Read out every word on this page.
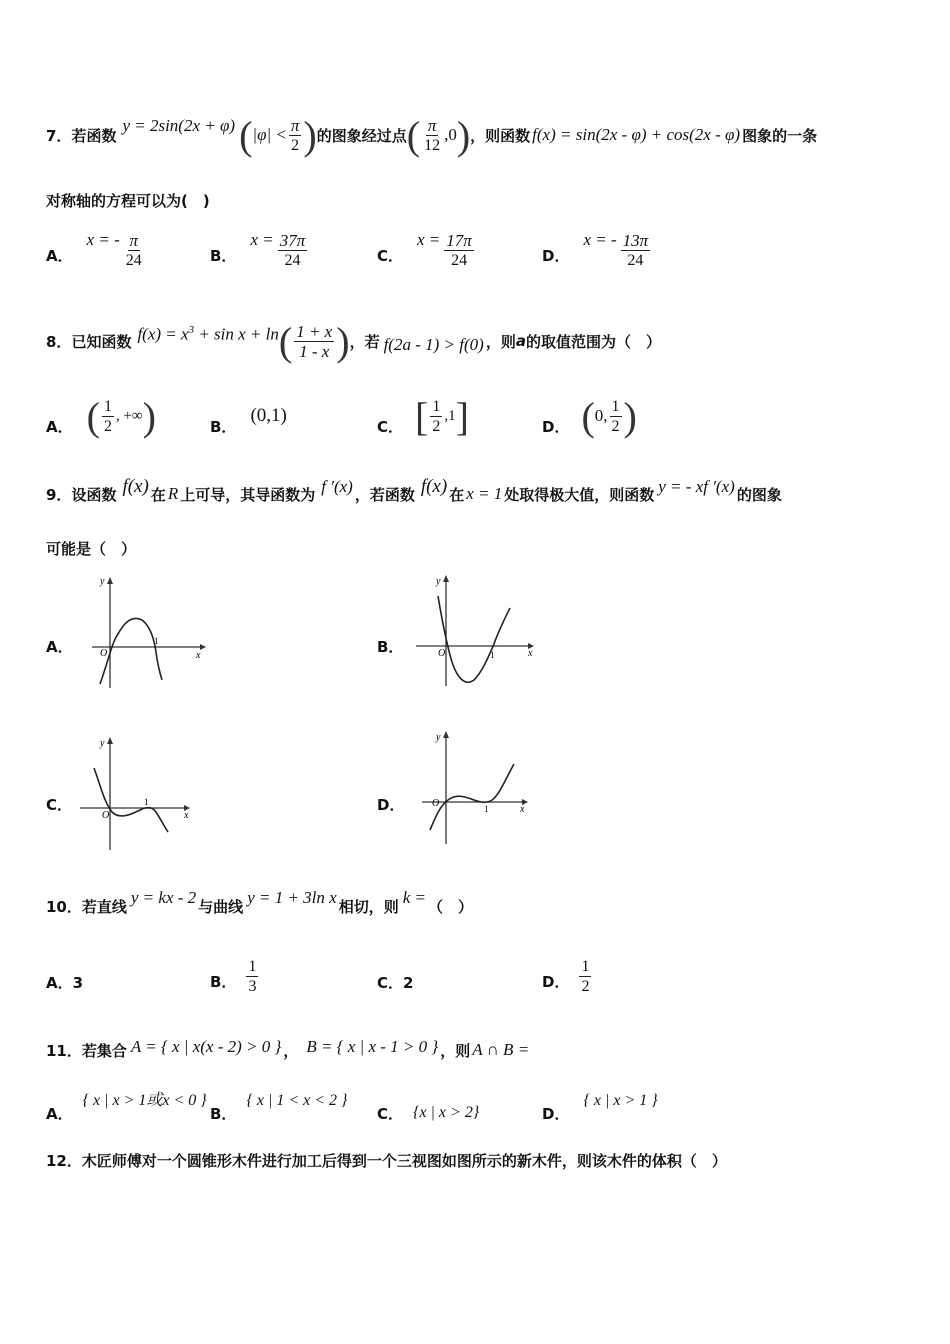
7． 若函数
y = 2sin(2x + φ) ( $|\varphi| < \frac{\pi}{2}$ ) 的图象经过点 ( $\frac{\pi}{12} ,0$ ) ，则函数 f(x) = sin(2x - φ) + cos(2x - φ) 图象的一条
对称轴的方程可以为(　)
A．
x = - $\frac{\pi}{24}$	B．
$x = \frac{37\pi}{24}$	C．
$x = \frac{17\pi}{24}$	D．
x = - $\frac{13\pi}{24}$
8． 已知函数 $f(x) = x^3 + \sin x + \ln$ ( $\frac{1 + x}{1 - x}$ ) ，若 f(2a - 1) > f(0) ，则 a 的取值范围为（　）
A． ( $\frac{1}{2}$ , +∞ )	B．
(0,1)
C． [ $\frac{1}{2} ,1$ ]	D． ( 0, $\frac{1}{2}$ )
9． 设函数 f(x) 在 R 上可导，其导函数为 f ′(x) ，若函数 f(x) 在 x = 1 处取得极大值，则函数 y = - xf ′(x) 的图象
可能是（　）
A．
y
x
O
1	B．
y
x
O	1
C．
y
x
O
1	D．
y
x
O	1
10． 若直线 y = kx - 2 与曲线 y = 1 + 3ln x 相切，则 k = （　）
A． 3	B． $\frac{1}{3}$	C． 2	D． $\frac{1}{2}$
11． 若集合 A = { x | x(x - 2) > 0 } ， B = { x | x - 1 > 0 } ，则 A ∩ B =
A．
{ x | x > 1或x < 0 }
B．
{ x | 1 < x < 2 }
C． {x | x > 2}	D．
{ x | x > 1 }
12．木匠师傅对一个圆锥形木件进行加工后得到一个三视图如图所示的新木件，则该木件的体积（　）
